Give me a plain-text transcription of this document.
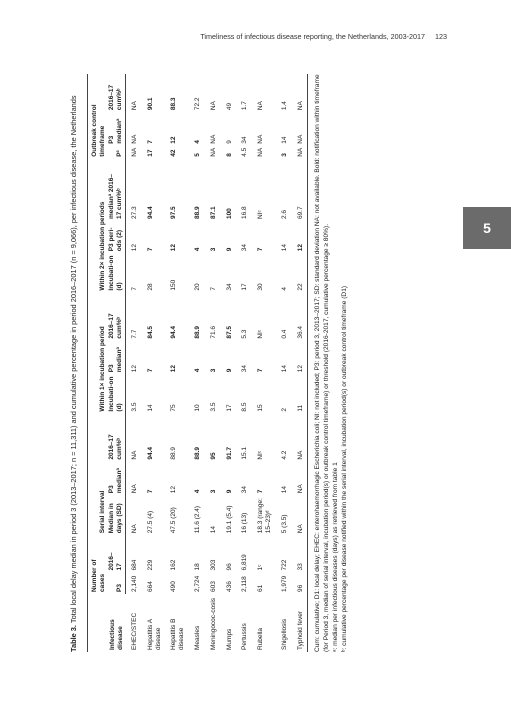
Timeliness of infectious disease reporting, the Netherlands, 2003-2017 123
5
Table 3. Total local delay median in period 3 (2013–2017; n = 11,311) and cumulative percentage in period 2016–2017 (n = 9,066), per infectious disease, the Netherlands
Infectious disease	Number of cases			Serial interval				Within 1× incubation period				Within 2× incubation periods				Outbreak control timeframe		
	P3	2016–17		Median in days (SD)	P3 medianª	2016–17 cum%ᵇ		Incubati-on (d)	P3 medianª	2016–17 cum%ᵇ		Incubati-on (d)	P3 peri-ods (2)	medianª 2016–17 cum%ᵇ		P³	P3 medianª	2016–17 cum%ᵇ
EHEC/STEC	2,140	684		NA	NA	NA		3.5	12	7.7		7	12	27.3		NA	NA	NA
Hepatitis A disease	664	229		27.5 (4)	7	94.4		14	7	84.5		28	7	94.4		17	7	90.1
Hepatitis B disease	490	162		47.5 (20)	12	88.9		75	12	94.4		150	12	97.5		42	12	88.3
Measles	2,724	18		11.6 (2.4)	4	88.9		10	4	88.9		20	4	88.9		5	4	72.2
Meningococ-cosis	603	303		14	3	95		3.5	3	71.6		7	3	87.1		NA	NA	NA
Mumps	436	96		19.1 (5.4)	9	91.7		17	9	87.5		34	9	100		8	9	49
Pertussis	2,118	6,819		16 (13)	34	15.1		8.5	34	5.3		17	34	16.8		4.5	34	1.7
Rubella	61	1ᶜ		18.3 (range: 15–23)ᵈ	7	NIᶜ		15	7	NIᶜ		30	7	NIᶜ		NA	NA	NA
Shigellosis	1,979	722		5 (3.5)	14	4.2		2	14	0.4		4	14	2.6		3	14	1.4
Typhoid fever	96	33		NA	NA	NA		11	12	36.4		22	12	69.7		NA	NA	NA Cum: cumulative; D1: local delay; EHEC: enterohaemorrhagic Escherichia coli; NI: not included; P3: period 3, 2013–2017; SD: standard deviation NA: not available. Bold: notification within timeframe (for Period 3, median of serial interval, incubation period(s) or outbreak control timeframe) or threshold (2016-2017, cumulative percentage ≥ 80%). ᵃ: median per infectious diseases (days) as retrieved from table 1 ᵇ: cumulative percentage per disease notified within the serial interval, incubation period(s) or outbreak control timeframe (D1)
